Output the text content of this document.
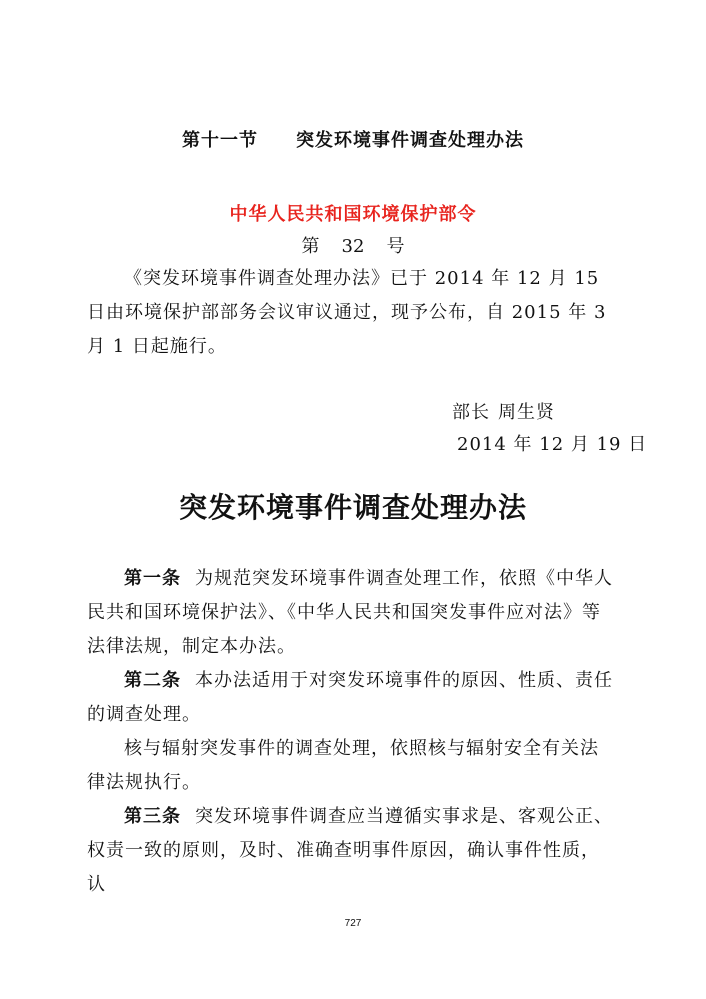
第十一节 突发环境事件调查处理办法
中华人民共和国环境保护部令
第 32 号

《突发环境事件调查处理办法》已于 2014 年 12 月 15 日由环境保护部部务会议审议通过，现予公布，自 2015 年 3 月 1 日起施行。

部长 周生贤
2014 年 12 月 19 日
突发环境事件调查处理办法

第一条 为规范突发环境事件调查处理工作，依照《中华人民共和国环境保护法》、《中华人民共和国突发事件应对法》等法律法规，制定本办法。

第二条 本办法适用于对突发环境事件的原因、性质、责任的调查处理。

核与辐射突发事件的调查处理，依照核与辐射安全有关法律法规执行。

第三条 突发环境事件调查应当遵循实事求是、客观公正、权责一致的原则，及时、准确查明事件原因，确认事件性质，认

727
